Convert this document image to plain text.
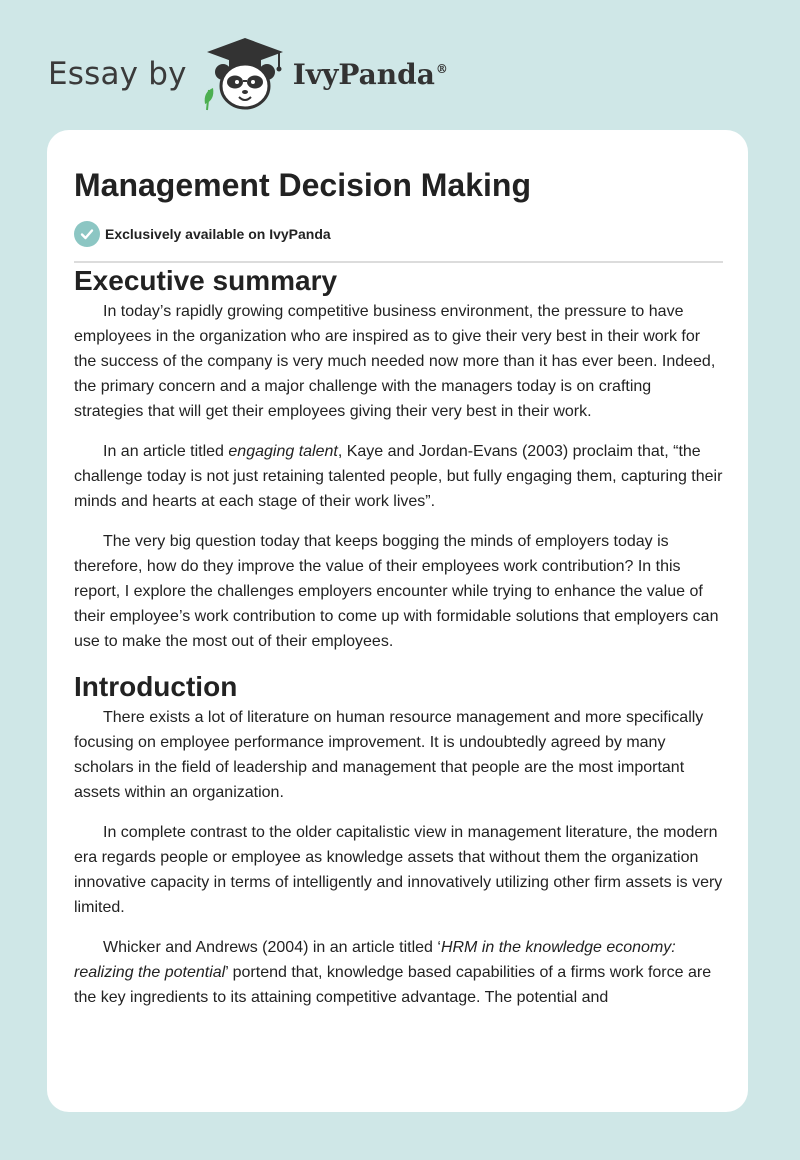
Essay by	IvyPanda®
Management Decision Making
Exclusively available on IvyPanda
Executive summary

In today’s rapidly growing competitive business environment, the pressure to have employees in the organization who are inspired as to give their very best in their work for the success of the company is very much needed now more than it has ever been. Indeed, the primary concern and a major challenge with the managers today is on crafting strategies that will get their employees giving their very best in their work.

In an article titled engaging talent, Kaye and Jordan-Evans (2003) proclaim that, “the challenge today is not just retaining talented people, but fully engaging them, capturing their minds and hearts at each stage of their work lives”.

The very big question today that keeps bogging the minds of employers today is therefore, how do they improve the value of their employees work contribution? In this report, I explore the challenges employers encounter while trying to enhance the value of their employee’s work contribution to come up with formidable solutions that employers can use to make the most out of their employees.

Introduction

There exists a lot of literature on human resource management and more specifically focusing on employee performance improvement. It is undoubtedly agreed by many scholars in the field of leadership and management that people are the most important assets within an organization.

In complete contrast to the older capitalistic view in management literature, the modern era regards people or employee as knowledge assets that without them the organization innovative capacity in terms of intelligently and innovatively utilizing other firm assets is very limited.

Whicker and Andrews (2004) in an article titled ‘HRM in the knowledge economy: realizing the potential’ portend that, knowledge based capabilities of a firms work force are the key ingredients to its attaining competitive advantage. The potential and
